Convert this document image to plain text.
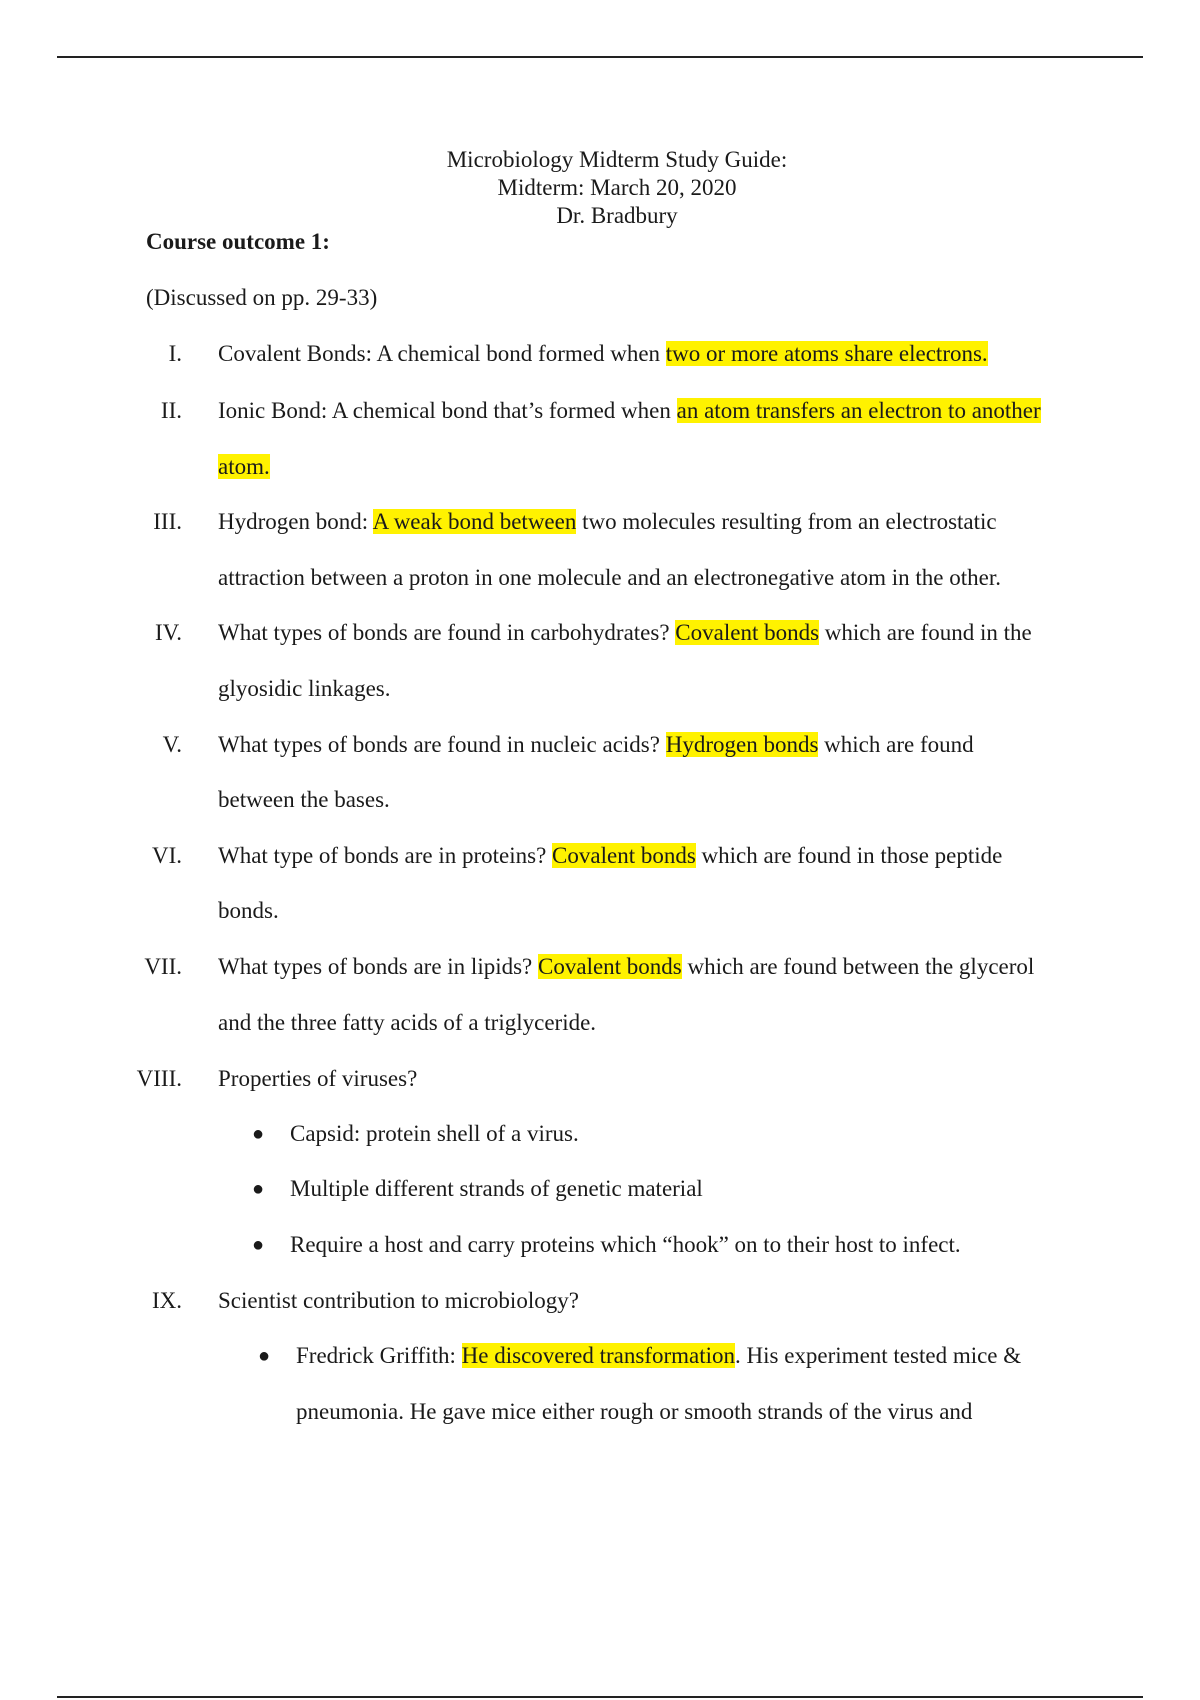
Microbiology Midterm Study Guide:
Midterm: March 20, 2020
Dr. Bradbury
Course outcome 1:
(Discussed on pp. 29-33)
I. Covalent Bonds: A chemical bond formed when two or more atoms share electrons.
II. Ionic Bond: A chemical bond that’s formed when an atom transfers an electron to another
atom.
III. Hydrogen bond: A weak bond between two molecules resulting from an electrostatic
attraction between a proton in one molecule and an electronegative atom in the other.
IV. What types of bonds are found in carbohydrates? Covalent bonds which are found in the
glyosidic linkages.
V. What types of bonds are found in nucleic acids? Hydrogen bonds which are found
between the bases.
VI. What type of bonds are in proteins? Covalent bonds which are found in those peptide
bonds.
VII. What types of bonds are in lipids? Covalent bonds which are found between the glycerol
and the three fatty acids of a triglyceride.
VIII. Properties of viruses?
● Capsid: protein shell of a virus.
● Multiple different strands of genetic material
● Require a host and carry proteins which “hook” on to their host to infect.
IX. Scientist contribution to microbiology?
● Fredrick Griffith: He discovered transformation. His experiment tested mice &
pneumonia. He gave mice either rough or smooth strands of the virus and
